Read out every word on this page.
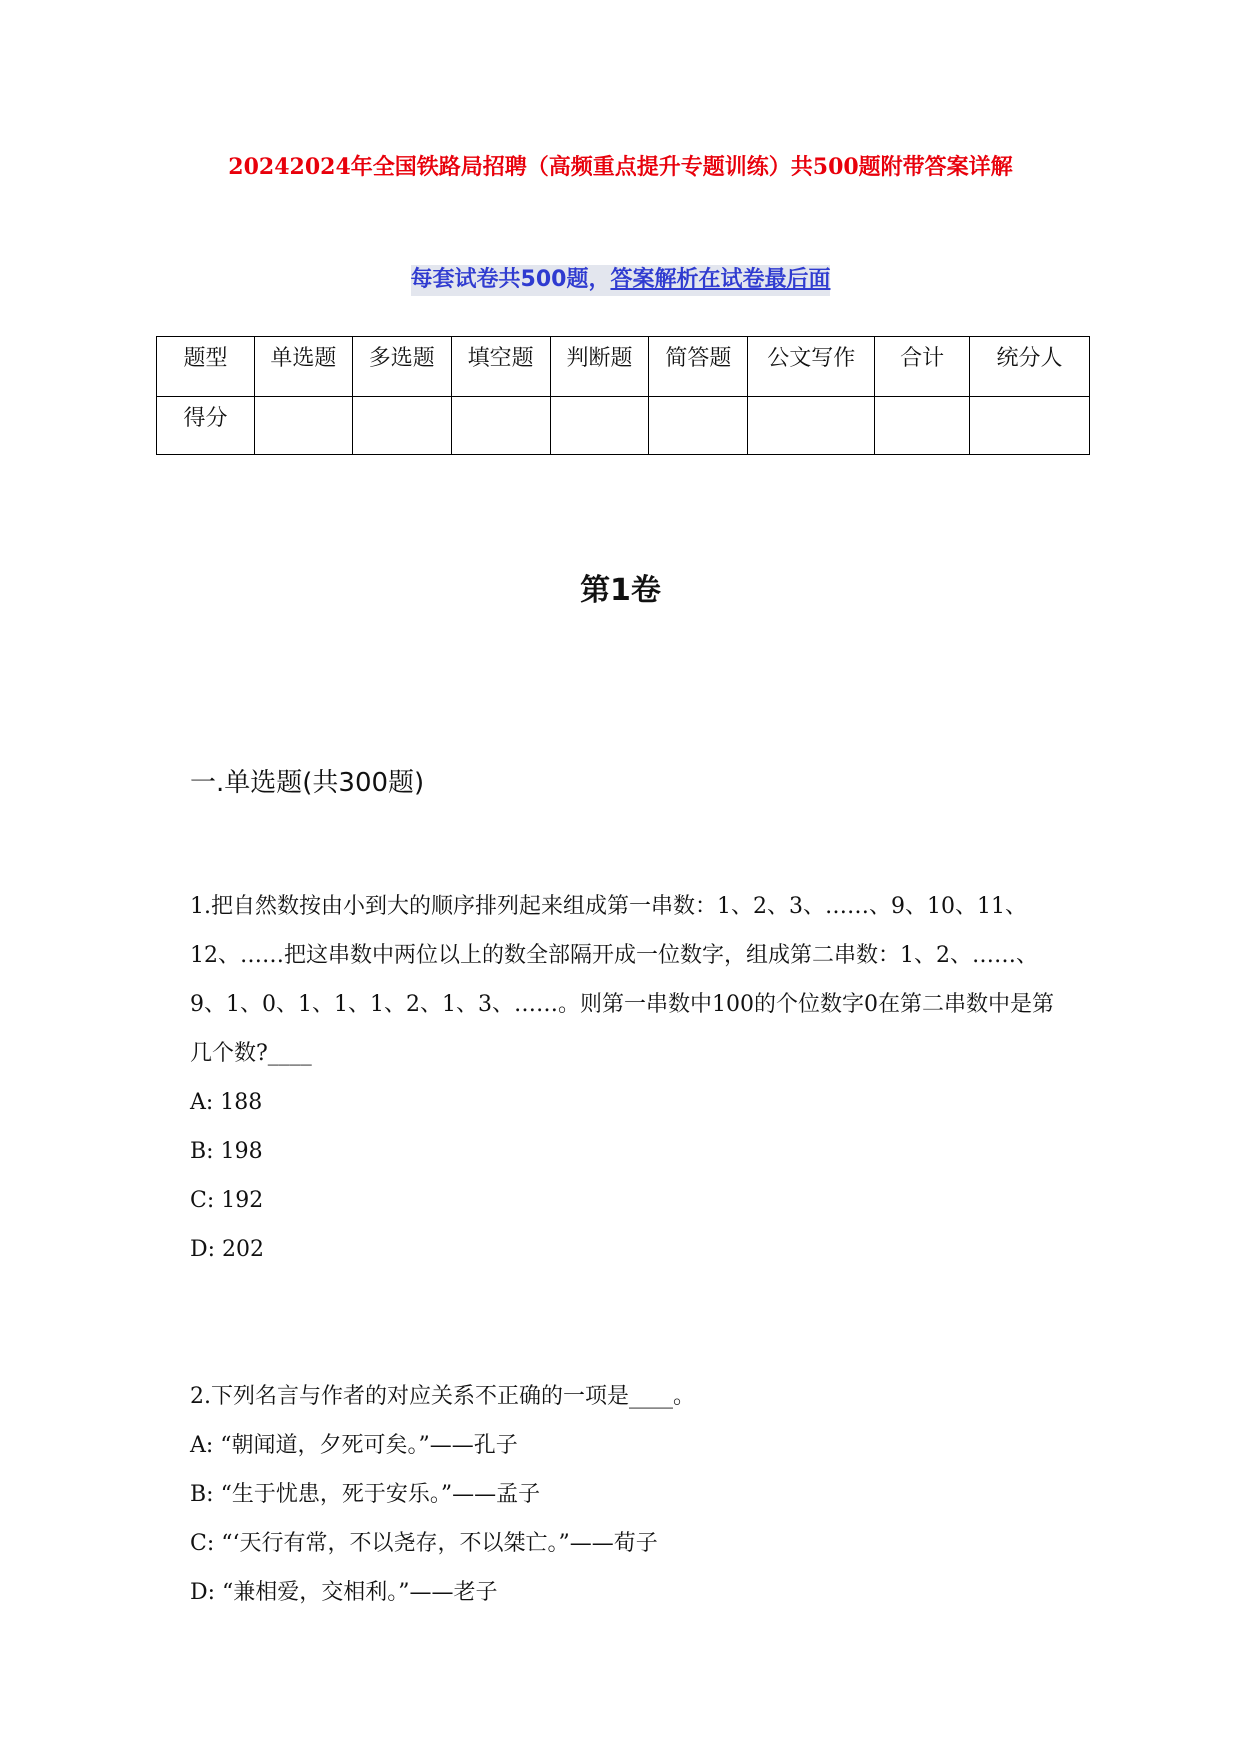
20242024年全国铁路局招聘（高频重点提升专题训练）共500题附带答案详解
每套试卷共500题，答案解析在试卷最后面
题型	单选题	多选题	填空题	判断题	简答题	公文写作	合计	统分人
得分								
第1卷
一.单选题(共300题)
1.把自然数按由小到大的顺序排列起来组成第一串数：1、2、3、……、9、10、11、12、……把这串数中两位以上的数全部隔开成一位数字，组成第二串数：1、2、……、9、1、0、1、1、1、2、1、3、……。则第一串数中100的个位数字0在第二串数中是第几个数?____
A: 188
B: 198
C: 192
D: 202
2.下列名言与作者的对应关系不正确的一项是____。
A: “朝闻道，夕死可矣。”——孔子
B: “生于忧患，死于安乐。”——孟子
C: “‘天行有常，不以尧存，不以桀亡。”——荀子
D: “兼相爱，交相利。”——老子
